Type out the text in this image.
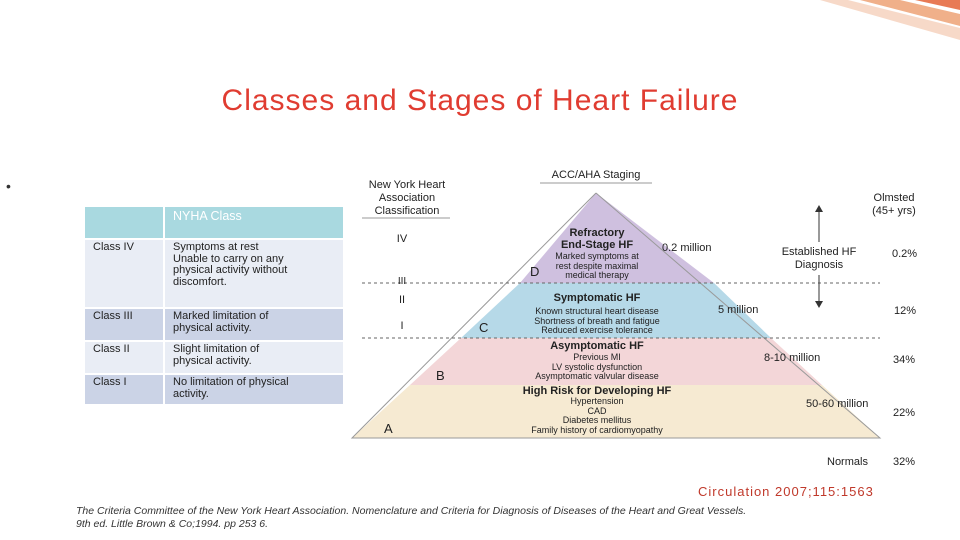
Classes and Stages of Heart Failure
•
NYHA Class
Class IV	Symptoms at rest
Unable to carry on any
physical activity without
discomfort.
Class III	Marked limitation of
physical activity.
Class II	Slight limitation of
physical activity.
Class I	No limitation of physical
activity.
New York Heart
Association
Classification
ACC/AHA Staging
Olmsted
(45+ yrs)
IV
III
II
I
Established HF
Diagnosis
Refractory
End-Stage HF
Marked symptoms at
rest despite maximal
medical therapy
D
0.2 million	0.2%
Symptomatic HF
Known structural heart disease
Shortness of breath and fatigue
Reduced exercise tolerance
C
5 million	12%
Asymptomatic HF
Previous MI
LV systolic dysfunction
Asymptomatic valvular disease
B
8-10 million	34%
High Risk for Developing HF
Hypertension
CAD
Diabetes mellitus
Family history of cardiomyopathy
A
50-60 million
22%
Normals 32%
Circulation 2007;115:1563
The Criteria Committee of the New York Heart Association. Nomenclature and Criteria for Diagnosis of Diseases of the Heart and Great Vessels.
9th ed. Little Brown & Co;1994. pp 253 6.
